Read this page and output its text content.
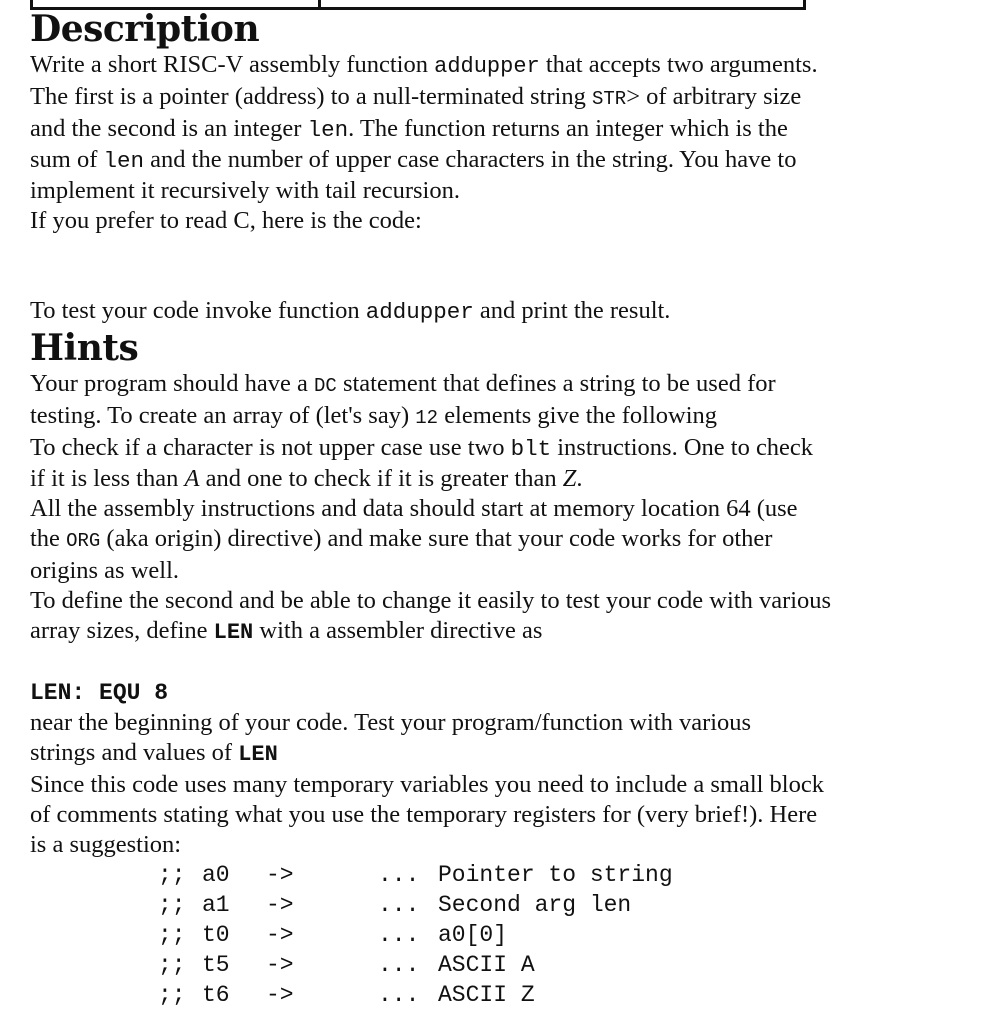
Description

Write a short RISC-V assembly function addupper that accepts two arguments.

The first is a pointer (address) to a null-terminated string STR> of arbitrary size

and the second is an integer len. The function returns an integer which is the

sum of len and the number of upper case characters in the string. You have to

implement it recursively with tail recursion.

If you prefer to read C, here is the code:

To test your code invoke function addupper and print the result.

Hints

Your program should have a DC statement that defines a string to be used for

testing. To create an array of (let's say) 12 elements give the following

To check if a character is not upper case use two blt instructions. One to check

if it is less than A and one to check if it is greater than Z.

All the assembly instructions and data should start at memory location 64 (use

the ORG (aka origin) directive) and make sure that your code works for other

origins as well.

To define the second and be able to change it easily to test your code with various

array sizes, define LEN with a assembler directive as

LEN: EQU 8

near the beginning of your code. Test your program/function with various

strings and values of LEN

Since this code uses many temporary variables you need to include a small block

of comments stating what you use the temporary registers for (very brief!). Here

is a suggestion:

;; a0 ->	... Pointer to string
;; a1 ->	... Second arg len
;; t0 ->	... a0[0]
;; t5 ->	... ASCII A
;; t6 ->	... ASCII Z
